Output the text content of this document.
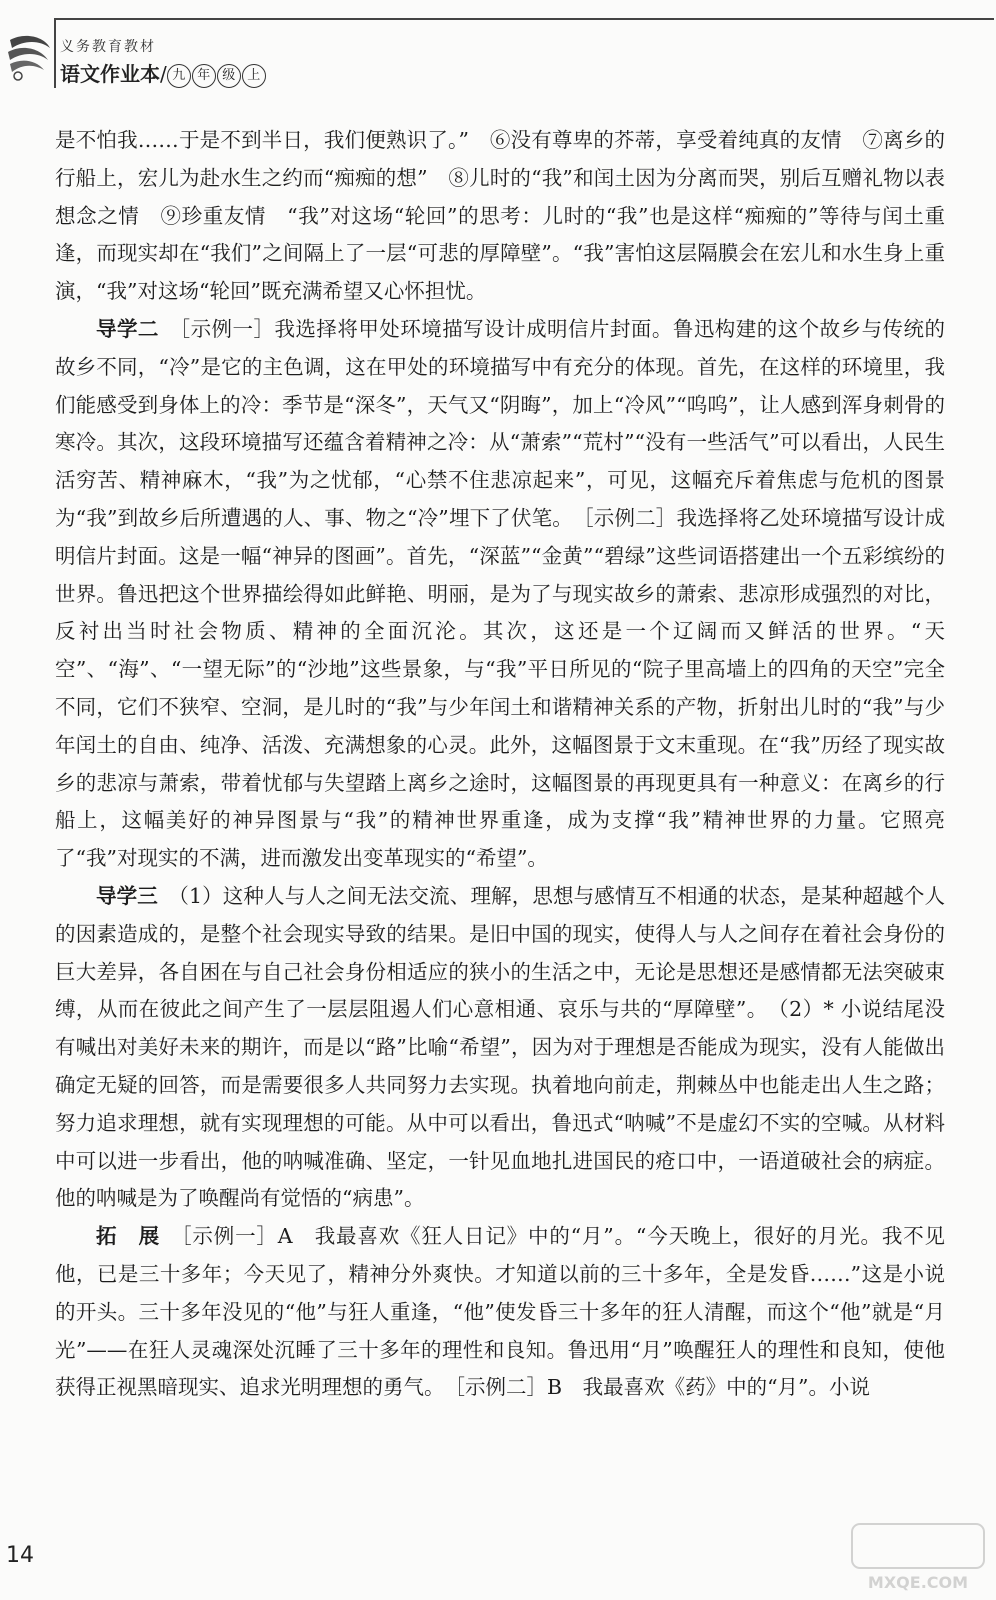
义务教育教材
语文作业本/ 九 年 级 上

是不怕我……于是不到半日，我们便熟识了。”　⑥没有尊卑的芥蒂，享受着纯真的友情　⑦离乡的行船上，宏儿为赴水生之约而“痴痴的想”　⑧儿时的“我”和闰土因为分离而哭，别后互赠礼物以表想念之情　⑨珍重友情　“我”对这场“轮回”的思考：儿时的“我”也是这样“痴痴的”等待与闰土重逢，而现实却在“我们”之间隔上了一层“可悲的厚障壁”。“我”害怕这层隔膜会在宏儿和水生身上重演，“我”对这场“轮回”既充满希望又心怀担忧。

导学二　 ［示例一］我选择将甲处环境描写设计成明信片封面。鲁迅构建的这个故乡与传统的故乡不同，“冷”是它的主色调，这在甲处的环境描写中有充分的体现。首先，在这样的环境里，我们能感受到身体上的冷：季节是“深冬”，天气又“阴晦”，加上“冷风”“呜呜”，让人感到浑身刺骨的寒冷。其次，这段环境描写还蕴含着精神之冷：从“萧索”“荒村”“没有一些活气”可以看出，人民生活穷苦、精神麻木，“我”为之忧郁，“心禁不住悲凉起来”，可见，这幅充斥着焦虑与危机的图景为“我”到故乡后所遭遇的人、事、物之“冷”埋下了伏笔。　［示例二］我选择将乙处环境描写设计成明信片封面。这是一幅“神异的图画”。首先，“深蓝”“金黄”“碧绿”这些词语搭建出一个五彩缤纷的世界。鲁迅把这个世界描绘得如此鲜艳、明丽，是为了与现实故乡的萧索、悲凉形成强烈的对比，反衬出当时社会物质、精神的全面沉沦。其次，这还是一个辽阔而又鲜活的世界。“天空”、“海”、“一望无际”的“沙地”这些景象，与“我”平日所见的“院子里高墙上的四角的天空”完全不同，它们不狭窄、空洞，是儿时的“我”与少年闰土和谐精神关系的产物，折射出儿时的“我”与少年闰土的自由、纯净、活泼、充满想象的心灵。此外，这幅图景于文末重现。在“我”历经了现实故乡的悲凉与萧索，带着忧郁与失望踏上离乡之途时，这幅图景的再现更具有一种意义：在离乡的行船上，这幅美好的神异图景与“我”的精神世界重逢，成为支撑“我”精神世界的力量。它照亮了“我”对现实的不满，进而激发出变革现实的“希望”。

导学三　 （1）这种人与人之间无法交流、理解，思想与感情互不相通的状态，是某种超越个人的因素造成的，是整个社会现实导致的结果。是旧中国的现实，使得人与人之间存在着社会身份的巨大差异，各自困在与自己社会身份相适应的狭小的生活之中，无论是思想还是感情都无法突破束缚，从而在彼此之间产生了一层层阻遏人们心意相通、哀乐与共的“厚障壁”。　（2）* 小说结尾没有喊出对美好未来的期许，而是以“路”比喻“希望”，因为对于理想是否能成为现实，没有人能做出确定无疑的回答，而是需要很多人共同努力去实现。执着地向前走，荆棘丛中也能走出人生之路；努力追求理想，就有实现理想的可能。从中可以看出，鲁迅式“呐喊”不是虚幻不实的空喊。从材料中可以进一步看出，他的呐喊准确、坚定，一针见血地扎进国民的疮口中，一语道破社会的病症。他的呐喊是为了唤醒尚有觉悟的“病患”。

拓　展　 ［示例一］A　我最喜欢《狂人日记》中的“月”。“今天晚上，很好的月光。我不见他，已是三十多年；今天见了，精神分外爽快。才知道以前的三十多年，全是发昏……”这是小说的开头。三十多年没见的“他”与狂人重逢，“他”使发昏三十多年的狂人清醒，而这个“他”就是“月光”——在狂人灵魂深处沉睡了三十多年的理性和良知。鲁迅用“月”唤醒狂人的理性和良知，使他获得正视黑暗现实、追求光明理想的勇气。　［示例二］B　我最喜欢《药》中的“月”。小说

14
MXQE.COM
